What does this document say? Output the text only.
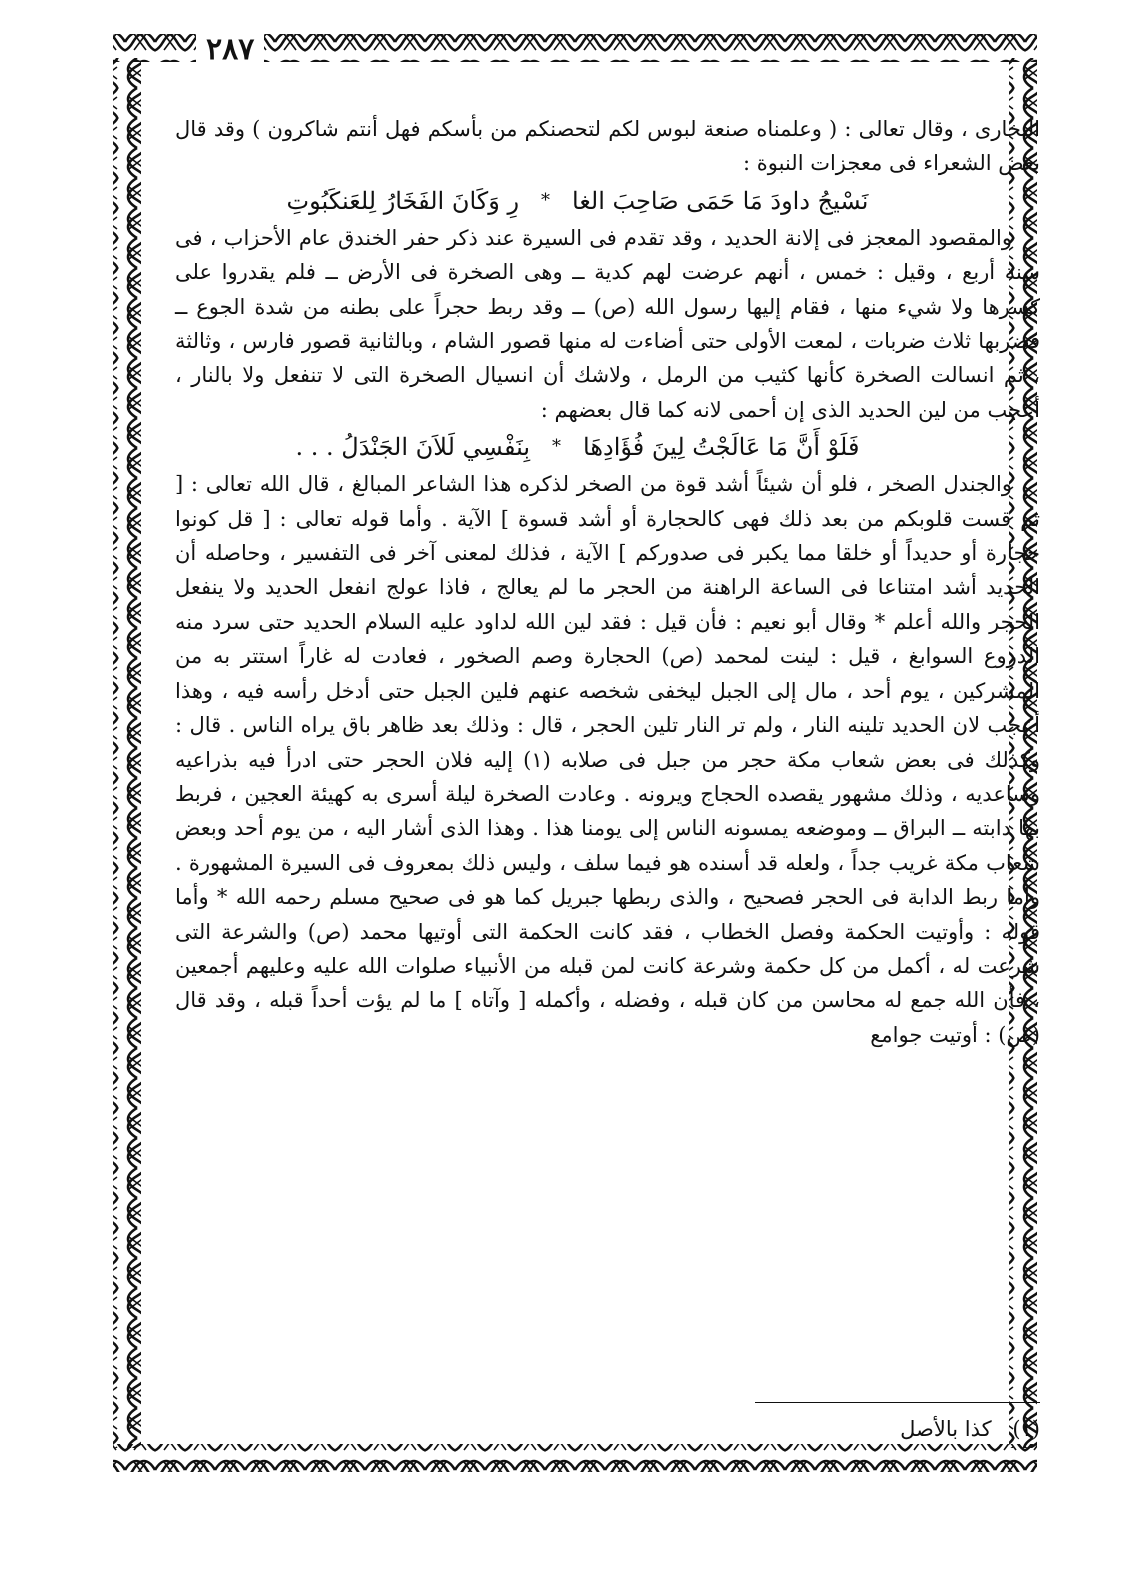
٢٨٧

البخارى ، وقال تعالى : ( وعلمناه صنعة لبوس لكم لتحصنكم من بأسكم فهل أنتم شاكرون ) وقد قال بعض الشعراء فى معجزات النبوة :

نَسْيجُ داودَ مَا حَمَى صَاحِبَ الغا
*
رِ وَكَانَ الفَخَارُ لِلعَنكَبُوتِ

والمقصود المعجز فى إلانة الحديد ، وقد تقدم فى السيرة عند ذكر حفر الخندق عام الأحزاب ، فى سنة أربع ، وقيل : خمس ، أنهم عرضت لهم كدية ــ وهى الصخرة فى الأرض ــ فلم يقدروا على كسرها ولا شيء منها ، فقام إليها رسول الله (ص) ــ وقد ربط حجراً على بطنه من شدة الجوع ــ فضربها ثلاث ضربات ، لمعت الأولى حتى أضاءت له منها قصور الشام ، وبالثانية قصور فارس ، وثالثة ، ثم انسالت الصخرة كأنها كثيب من الرمل ، ولاشك أن انسيال الصخرة التى لا تنفعل ولا بالنار ، أعجب من لين الحديد الذى إن أحمى لانه كما قال بعضهم :

فَلَوْ أَنَّ مَا عَالَجْتُ لِينَ فُؤَادِهَا
*
بِنَفْسِي لَلاَنَ الجَنْدَلُ . . .

والجندل الصخر ، فلو أن شيئاً أشد قوة من الصخر لذكره هذا الشاعر المبالغ ، قال الله تعالى : [ ثم قست قلوبكم من بعد ذلك فهى كالحجارة أو أشد قسوة ] الآية . وأما قوله تعالى : [ قل كونوا حجارة أو حديداً أو خلقا مما يكبر فى صدوركم ] الآية ، فذلك لمعنى آخر فى التفسير ، وحاصله أن الحديد أشد امتناعا فى الساعة الراهنة من الحجر ما لم يعالج ، فاذا عولج انفعل الحديد ولا ينفعل الحجر والله أعلم * وقال أبو نعيم : فأن قيل : فقد لين الله لداود عليه السلام الحديد حتى سرد منه الدروع السوابغ ، قيل : لينت لمحمد (ص) الحجارة وصم الصخور ، فعادت له غاراً استتر به من المشركين ، يوم أحد ، مال إلى الجبل ليخفى شخصه عنهم فلين الجبل حتى أدخل رأسه فيه ، وهذا أعجب لان الحديد تلينه النار ، ولم تر النار تلين الحجر ، قال : وذلك بعد ظاهر باق يراه الناس . قال : وكذلك فى بعض شعاب مكة حجر من جبل فى صلابه (١) إليه فلان الحجر حتى ادرأ فيه بذراعيه وساعديه ، وذلك مشهور يقصده الحجاج ويرونه . وعادت الصخرة ليلة أسرى به كهيئة العجين ، فربط بها دابته ــ البراق ــ وموضعه يمسونه الناس إلى يومنا هذا . وهذا الذى أشار اليه ، من يوم أحد وبعض شعاب مكة غريب جداً ، ولعله قد أسنده هو فيما سلف ، وليس ذلك بمعروف فى السيرة المشهورة . واما ربط الدابة فى الحجر فصحيح ، والذى ربطها جبريل كما هو فى صحيح مسلم رحمه الله * وأما قوله : وأوتيت الحكمة وفصل الخطاب ، فقد كانت الحكمة التى أوتيها محمد (ص) والشرعة التى شرعت له ، أكمل من كل حكمة وشرعة كانت لمن قبله من الأنبياء صلوات الله عليه وعليهم أجمعين ، فأن الله جمع له محاسن من كان قبله ، وفضله ، وأكمله [ وآتاه ] ما لم يؤت أحداً قبله ، وقد قال (ص) : أوتيت جوامع

(١) كذا بالأصل
